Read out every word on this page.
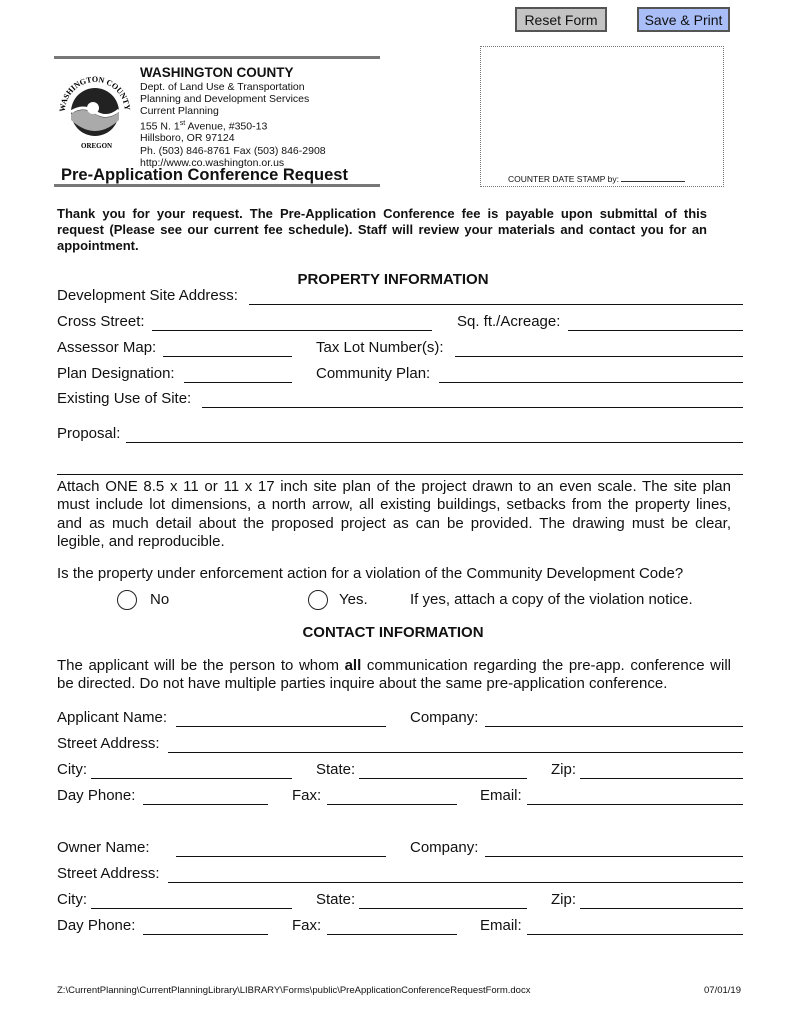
Reset Form	Save & Print
WASHINGTON COUNTY
OREGON
WASHINGTON COUNTY
Dept. of Land Use & Transportation
Planning and Development Services
Current Planning
155 N. 1st Avenue, #350-13
Hillsboro, OR 97124
Ph. (503) 846-8761 Fax (503) 846-2908
http://www.co.washington.or.us
Pre-Application Conference Request	COUNTER DATE STAMP by:
Thank you for your request. The Pre-Application Conference fee is payable upon submittal of this request (Please see our current fee schedule). Staff will review your materials and contact you for an appointment.
PROPERTY INFORMATION
Attach ONE 8.5 x 11 or 11 x 17 inch site plan of the project drawn to an even scale. The site plan must include lot dimensions, a north arrow, all existing buildings, setbacks from the property lines, and as much detail about the proposed project as can be provided. The drawing must be clear, legible, and reproducible.
Is the property under enforcement action for a violation of the Community Development Code?
No	Yes.	If yes, attach a copy of the violation notice.
CONTACT INFORMATION
The applicant will be the person to whom all communication regarding the pre-app. conference will be directed. Do not have multiple parties inquire about the same pre-application conference.
Z:\CurrentPlanning\CurrentPlanningLibrary\LIBRARY\Forms\public\PreApplicationConferenceRequestForm.docx	07/01/19
Development Site Address:
Cross Street:	Sq. ft./Acreage:
Assessor Map:	Tax Lot Number(s):
Plan Designation:	Community Plan:
Existing Use of Site:
Proposal:
Applicant Name:	Company:
Street Address:
City:	State:	Zip:
Day Phone:	Fax:	Email:
Owner Name:	Company:
Street Address:
City:	State:	Zip:
Day Phone:	Fax:	Email:
